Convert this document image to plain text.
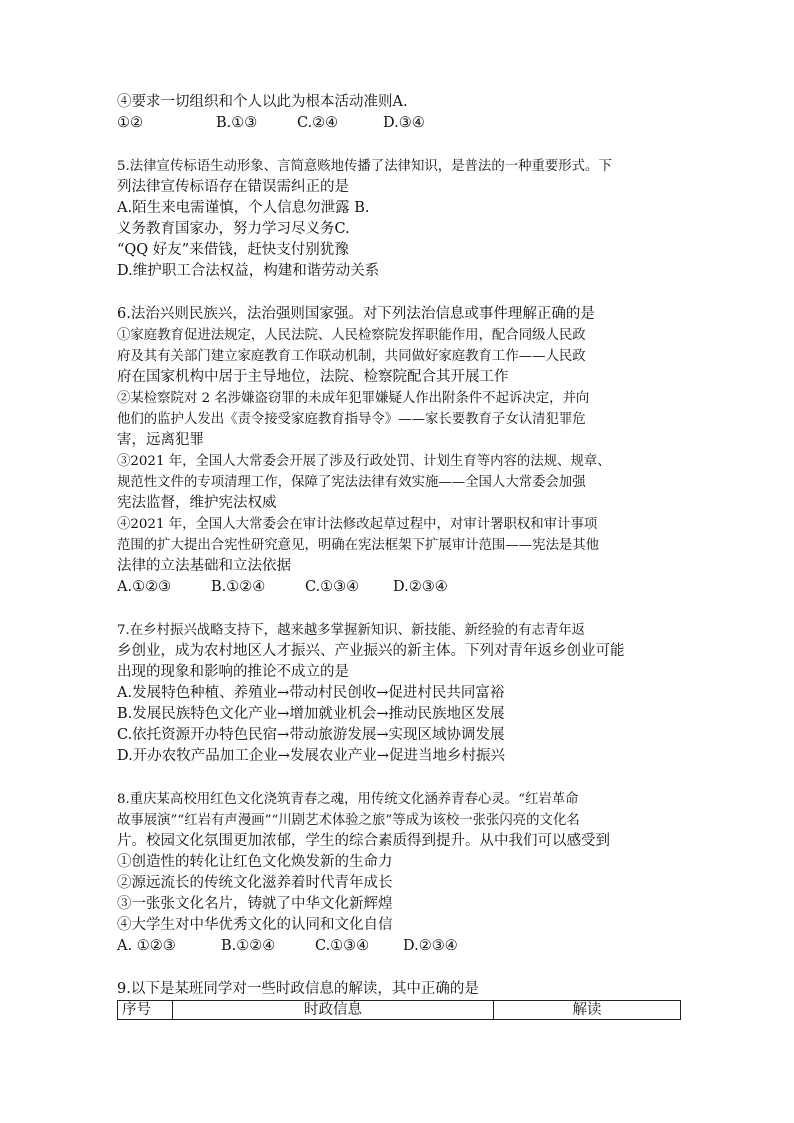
④要求一切组织和个人以此为根本活动准则A.
①②	B.①③	C.②④	D.③④
5.法律宣传标语生动形象、言简意赅地传播了法律知识，是普法的一种重要形式。下
列法律宣传标语存在错误需纠正的是
A.陌生来电需谨慎，个人信息勿泄露 B.
义务教育国家办，努力学习尽义务C.
“QQ 好友”来借钱，赶快支付别犹豫
D.维护职工合法权益，构建和谐劳动关系
6.法治兴则民族兴，法治强则国家强。对下列法治信息或事件理解正确的是
①家庭教育促进法规定，人民法院、人民检察院发挥职能作用，配合同级人民政
府及其有关部门建立家庭教育工作联动机制，共同做好家庭教育工作——人民政
府在国家机构中居于主导地位，法院、检察院配合其开展工作
②某检察院对 2 名涉嫌盗窃罪的未成年犯罪嫌疑人作出附条件不起诉决定，并向
他们的监护人发出《责令接受家庭教育指导令》——家长要教育子女认清犯罪危
害，远离犯罪
③2021 年，全国人大常委会开展了涉及行政处罚、计划生育等内容的法规、规章、
规范性文件的专项清理工作，保障了宪法法律有效实施——全国人大常委会加强
宪法监督，维护宪法权威
④2021 年，全国人大常委会在审计法修改起草过程中，对审计署职权和审计事项
范围的扩大提出合宪性研究意见，明确在宪法框架下扩展审计范围——宪法是其他
法律的立法基础和立法依据
A.①②③	B.①②④	C.①③④	D.②③④
7.在乡村振兴战略支持下，越来越多掌握新知识、新技能、新经验的有志青年返
乡创业，成为农村地区人才振兴、产业振兴的新主体。下列对青年返乡创业可能
出现的现象和影响的推论不成立的是
A.发展特色种植、养殖业→带动村民创收→促进村民共同富裕
B.发展民族特色文化产业→增加就业机会→推动民族地区发展
C.依托资源开办特色民宿→带动旅游发展→实现区域协调发展
D.开办农牧产品加工企业→发展农业产业→促进当地乡村振兴
8.重庆某高校用红色文化浇筑青春之魂，用传统文化涵养青春心灵。“红岩革命
故事展演”“红岩有声漫画”“川剧艺术体验之旅”等成为该校一张张闪亮的文化名
片。校园文化氛围更加浓郁，学生的综合素质得到提升。从中我们可以感受到
①创造性的转化让红色文化焕发新的生命力
②源远流长的传统文化滋养着时代青年成长
③一张张文化名片，铸就了中华文化新辉煌
④大学生对中华优秀文化的认同和文化自信
A. ①②③	B.①②④	C.①③④	D.②③④
9.以下是某班同学对一些时政信息的解读，其中正确的是
序号	时政信息	解读
